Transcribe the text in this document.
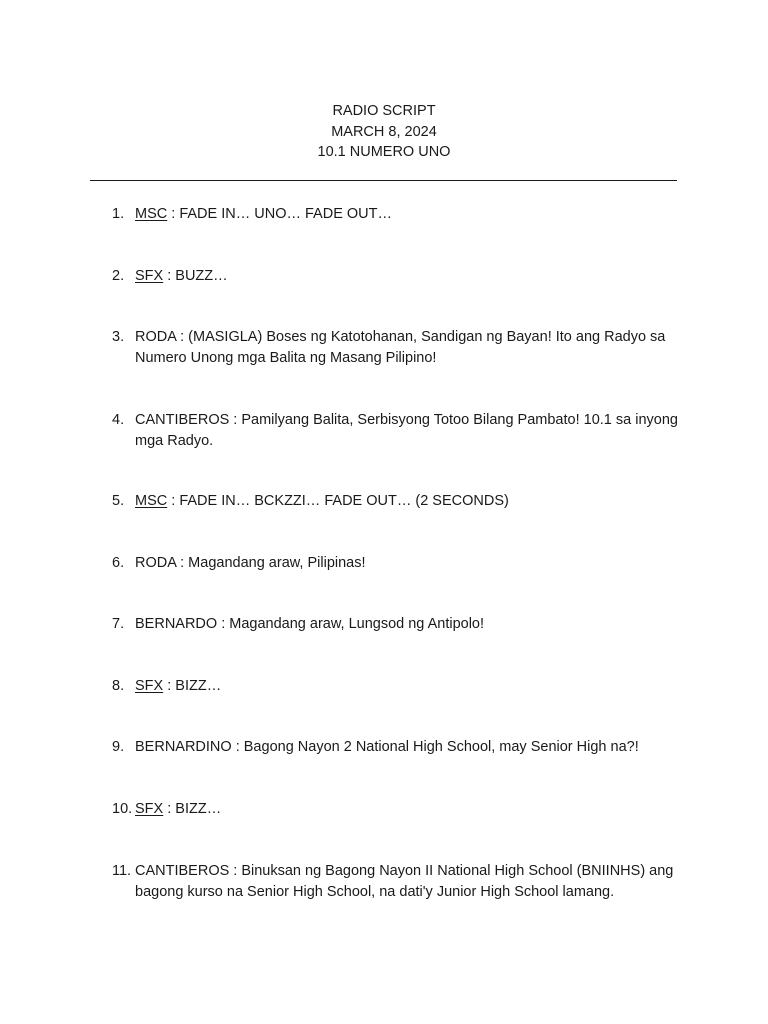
RADIO SCRIPT
MARCH 8, 2024
10.1 NUMERO UNO
1. MSC : FADE IN… UNO… FADE OUT…
2. SFX : BUZZ…
3. RODA : (MASIGLA) Boses ng Katotohanan, Sandigan ng Bayan! Ito ang Radyo sa Numero Unong mga Balita ng Masang Pilipino!
4. CANTIBEROS : Pamilyang Balita, Serbisyong Totoo Bilang Pambato! 10.1 sa inyong mga Radyo.
5. MSC : FADE IN… BCKZZI… FADE OUT… (2 SECONDS)
6. RODA : Magandang araw, Pilipinas!
7. BERNARDO : Magandang araw, Lungsod ng Antipolo!
8. SFX : BIZZ…
9. BERNARDINO : Bagong Nayon 2 National High School, may Senior High na?!
10. SFX : BIZZ…
11. CANTIBEROS : Binuksan ng Bagong Nayon II National High School (BNIINHS) ang bagong kurso na Senior High School, na dati'y Junior High School lamang.
